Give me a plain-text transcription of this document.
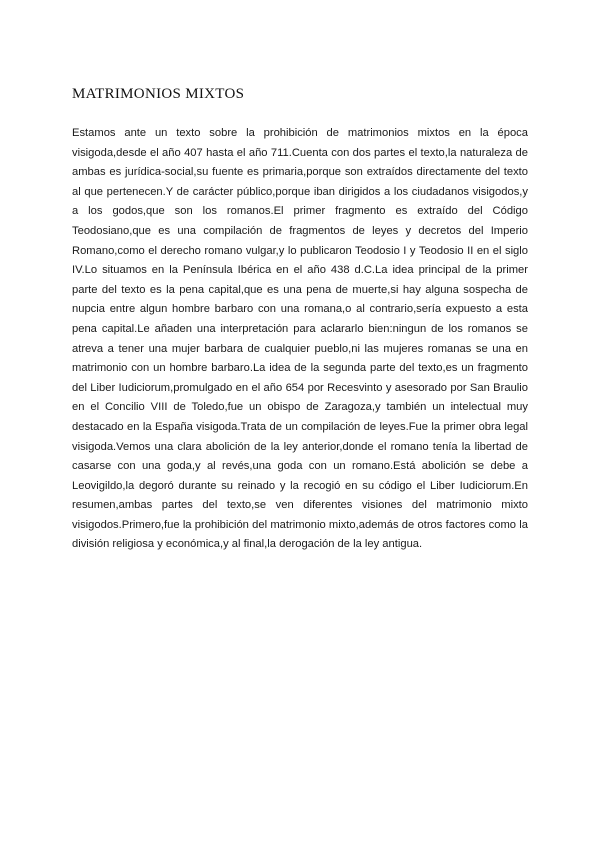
MATRIMONIOS MIXTOS

Estamos ante un texto sobre la prohibición de matrimonios mixtos en la época visigoda,desde el año 407 hasta el año 711.Cuenta con dos partes el texto,la naturaleza de ambas es jurídica-social,su fuente es primaria,porque son extraídos directamente del texto al que pertenecen.Y de carácter público,porque iban dirigidos a los ciudadanos visigodos,y a los godos,que son los romanos.El primer fragmento es extraído del Código Teodosiano,que es una compilación de fragmentos de leyes y decretos del Imperio Romano,como el derecho romano vulgar,y lo publicaron Teodosio I y Teodosio II en el siglo IV.Lo situamos en la Península Ibérica en el año 438 d.C.La idea principal de la primer parte del texto es la pena capital,que es una pena de muerte,si hay alguna sospecha de nupcia entre algun hombre barbaro con una romana,o al contrario,sería expuesto a esta pena capital.Le añaden una interpretación para aclararlo bien:ningun de los romanos se atreva a tener una mujer barbara de cualquier pueblo,ni las mujeres romanas se una en matrimonio con un hombre barbaro.La idea de la segunda parte del texto,es un fragmento del Liber Iudiciorum,promulgado en el año 654 por Recesvinto y asesorado por San Braulio en el Concilio VIII de Toledo,fue un obispo de Zaragoza,y también un intelectual muy destacado en la España visigoda.Trata de un compilación de leyes.Fue la primer obra legal visigoda.Vemos una clara abolición de la ley anterior,donde el romano tenía la libertad de casarse con una goda,y al revés,una goda con un romano.Está abolición se debe a Leovigildo,la degoró durante su reinado y la recogió en su código el Liber Iudiciorum.En resumen,ambas partes del texto,se ven diferentes visiones del matrimonio mixto visigodos.Primero,fue la prohibición del matrimonio mixto,además de otros factores como la división religiosa y económica,y al final,la derogación de la ley antigua.
